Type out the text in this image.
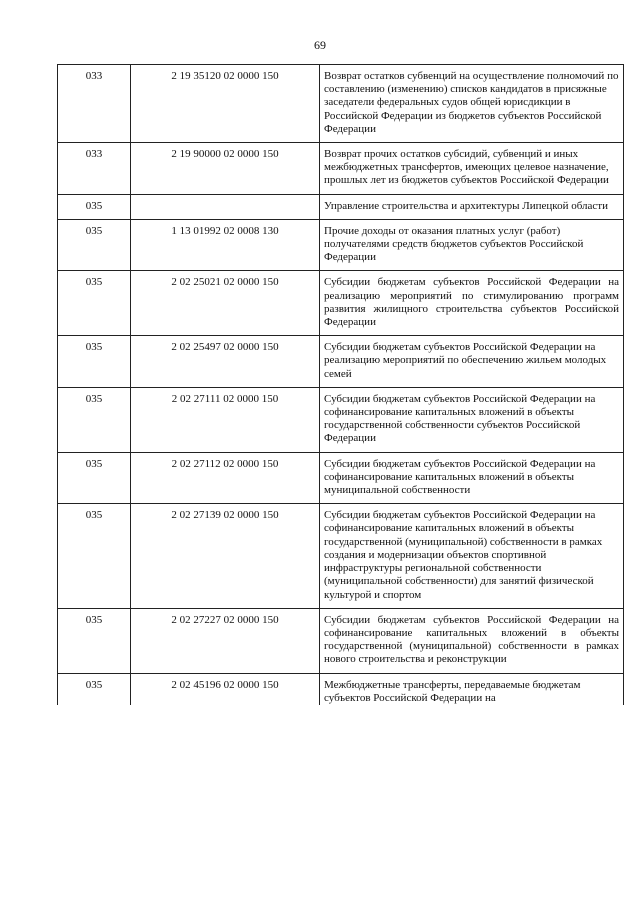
69
033	2 19 35120 02 0000 150	Возврат остатков субвенций на осуществление полномочий по составлению (изменению) списков кандидатов в присяжные заседатели федеральных судов общей юрисдикции в Российской Федерации из бюджетов субъектов Российской Федерации
033	2 19 90000 02 0000 150	Возврат прочих остатков субсидий, субвенций и иных межбюджетных трансфертов, имеющих целевое назначение, прошлых лет из бюджетов субъектов Российской Федерации
035		Управление строительства и архитектуры Липецкой области
035	1 13 01992 02 0008 130	Прочие доходы от оказания платных услуг (работ) получателями средств бюджетов субъектов Российской Федерации
035	2 02 25021 02 0000 150	Субсидии бюджетам субъектов Российской Федерации на реализацию мероприятий по стимулированию программ развития жилищного строительства субъектов Российской Федерации
035	2 02 25497 02 0000 150	Субсидии бюджетам субъектов Российской Федерации на реализацию мероприятий по обеспечению жильем молодых семей
035	2 02 27111 02 0000 150	Субсидии бюджетам субъектов Российской Федерации на софинансирование капитальных вложений в объекты государственной собственности субъектов Российской Федерации
035	2 02 27112 02 0000 150	Субсидии бюджетам субъектов Российской Федерации на софинансирование капитальных вложений в объекты муниципальной собственности
035	2 02 27139 02 0000 150	Субсидии бюджетам субъектов Российской Федерации на софинансирование капитальных вложений в объекты государственной (муниципальной) собственности в рамках создания и модернизации объектов спортивной инфраструктуры региональной собственности (муниципальной собственности) для занятий физической культурой и спортом
035	2 02 27227 02 0000 150	Субсидии бюджетам субъектов Российской Федерации на софинансирование капитальных вложений в объекты государственной (муниципальной) собственности в рамках нового строительства и реконструкции
035	2 02 45196 02 0000 150	Межбюджетные трансферты, передаваемые бюджетам субъектов Российской Федерации на
